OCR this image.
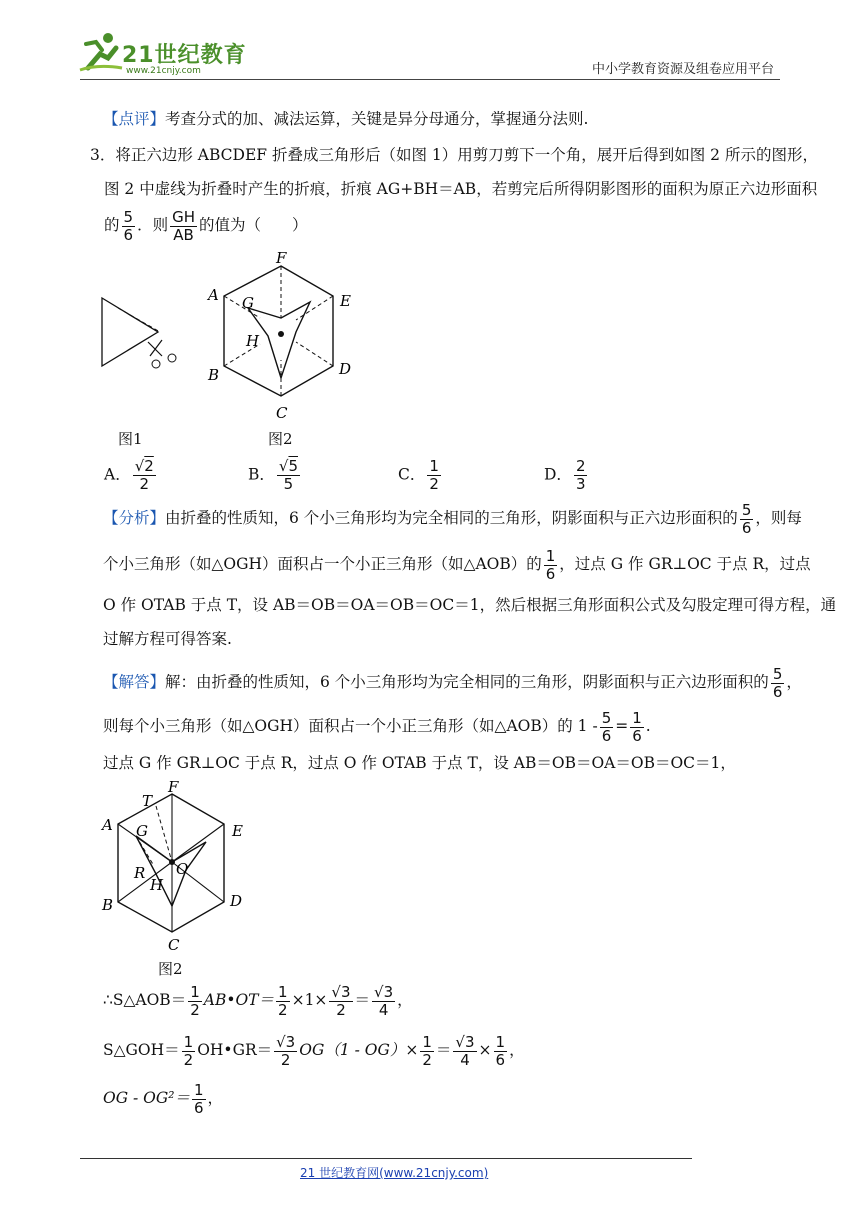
21世纪教育
www.21cnjy.com	中小学教育资源及组卷应用平台
【点评】考查分式的加、减法运算，关键是异分母通分，掌握通分法则.
3．将正六边形 ABCDEF 折叠成三角形后（如图 1）用剪刀剪下一个角，展开后得到如图 2 所示的图形，
图 2 中虚线为折叠时产生的折痕，折痕 AG+BH＝AB，若剪完后所得阴影图形的面积为原正六边形面积
的 $\frac{5}{6}$ ．则 $\frac{GH}{AB}$ 的值为（　　）
F
A	E
G
H
B	D
C
图1	图2
A． $\frac{√2}{2}$	B． $\frac{√5}{5}$	C． $\frac{1}{2}$	D． $\frac{2}{3}$
【分析】由折叠的性质知，6 个小三角形均为完全相同的三角形，阴影面积与正六边形面积的 $\frac{5}{6}$ ，则每
个小三角形（如△OGH）面积占一个小正三角形（如△AOB）的 $\frac{1}{6}$ ，过点 G 作 GR⊥OC 于点 R，过点
O 作 OTAB 于点 T，设 AB＝OB＝OA＝OB＝OC＝1，然后根据三角形面积公式及勾股定理可得方程，通
过解方程可得答案.
【解答】解：由折叠的性质知，6 个小三角形均为完全相同的三角形，阴影面积与正六边形面积的 $\frac{5}{6}$ ，
则每个小三角形（如△OGH）面积占一个小正三角形（如△AOB）的 $1 - \frac{5}{6} = \frac{1}{6}$ .
过点 G 作 GR⊥OC 于点 R，过点 O 作 OTAB 于点 T，设 AB＝OB＝OA＝OB＝OC＝1，
T
F
A	E
G
O
R
H
B	D
C
图2
∴S△AOB＝ $\frac{1}{2}$ AB•OT＝ $\frac{1}{2} \times 1\times \frac{√3}{2} = \frac{√3}{4}$ ，
S△GOH＝ $\frac{1}{2}$ OH•GR＝ $\frac{√3}{2} OG(1 - OG)\times \frac{1}{2} = \frac{√3}{4} \times \frac{1}{6}$ ，
OG - $OG^2= \frac{1}{6}$ ，
21 世纪教育网(www.21cnjy.com)
